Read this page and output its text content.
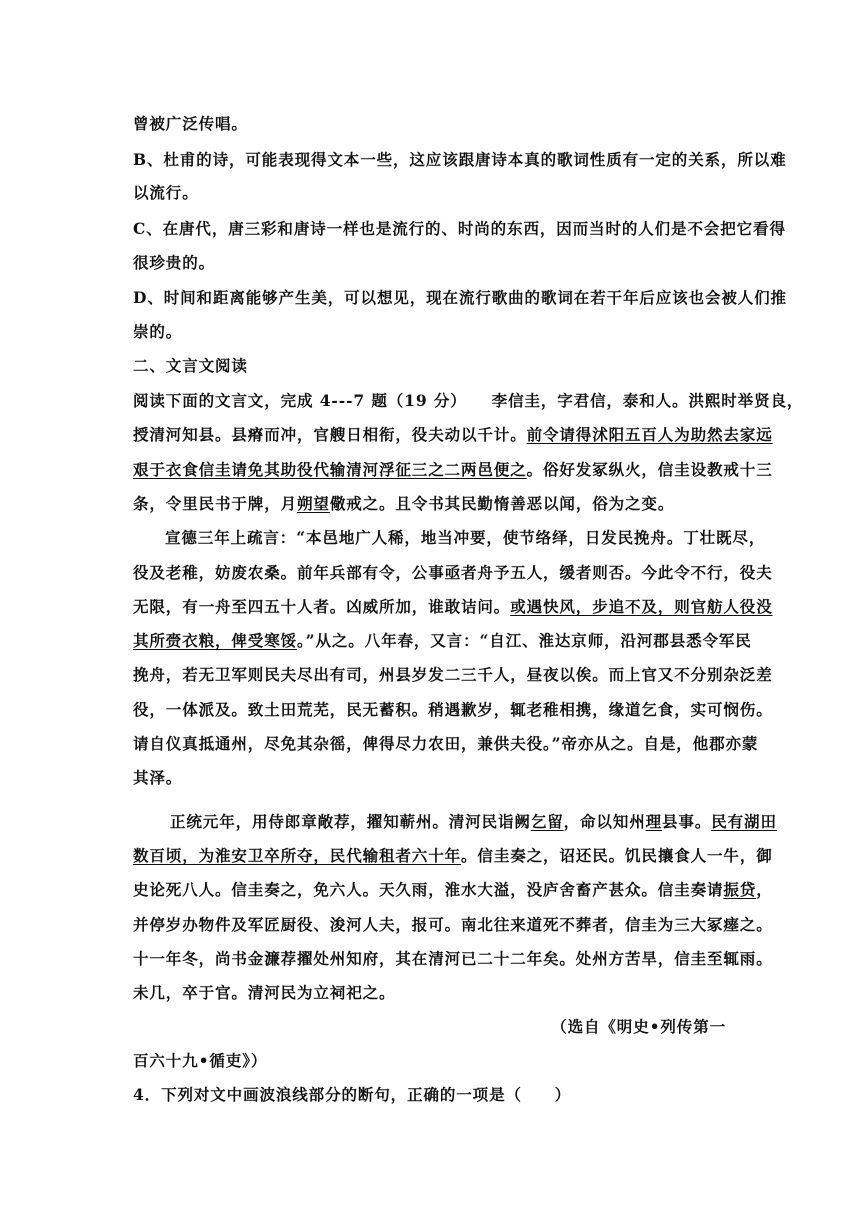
曾被广泛传唱。
B、杜甫的诗，可能表现得文本一些，这应该跟唐诗本真的歌词性质有一定的关系，所以难
以流行。
C、在唐代，唐三彩和唐诗一样也是流行的、时尚的东西，因而当时的人们是不会把它看得
很珍贵的。
D、时间和距离能够产生美，可以想见，现在流行歌曲的歌词在若干年后应该也会被人们推
崇的。
二、文言文阅读
阅读下面的文言文，完成 4---7 题（19 分）　　李信圭，字君信，泰和人。洪熙时举贤良，
授清河知县。县瘠而冲，官艘日相衔，役夫动以千计。前令请得沭阳五百人为助然去家远
艰于衣食信圭请免其助役代输清河浮征三之二两邑便之。俗好发冢纵火，信圭设教戒十三
条，令里民书于牌，月朔望儆戒之。且令书其民勤惰善恶以闻，俗为之变。
宣德三年上疏言：“本邑地广人稀，地当冲要，使节络绎，日发民挽舟。丁壮既尽，
役及老稚，妨废农桑。前年兵部有令，公事亟者舟予五人，缓者则否。今此令不行，役夫
无限，有一舟至四五十人者。凶威所加，谁敢诘问。或遇快风，步追不及，则官舫人役没
其所赍衣粮，俾受寒馁。”从之。八年春，又言：“自江、淮达京师，沿河郡县悉令军民
挽舟，若无卫军则民夫尽出有司，州县岁发二三千人，昼夜以俟。而上官又不分别杂泛差
役，一体派及。致土田荒芜，民无蓄积。稍遇歉岁，辄老稚相携，缘道乞食，实可悯伤。
请自仪真抵通州，尽免其杂徭，俾得尽力农田，兼供夫役。”帝亦从之。自是，他郡亦蒙
其泽。
正统元年，用侍郎章敞荐，擢知蕲州。清河民诣阙乞留，命以知州理县事。民有湖田
数百顷，为淮安卫卒所夺，民代输租者六十年。信圭奏之，诏还民。饥民攘食人一牛，御
史论死八人。信圭奏之，免六人。天久雨，淮水大溢，没庐舍畜产甚众。信圭奏请振贷，
并停岁办物件及军匠厨役、浚河人夫，报可。南北往来道死不葬者，信圭为三大冢瘗之。
十一年冬，尚书金濂荐擢处州知府，其在清河已二十二年矣。处州方苦旱，信圭至辄雨。
未几，卒于官。清河民为立祠祀之。
（选自《明史•列传第一
百六十九•循吏》）
4．下列对文中画波浪线部分的断句，正确的一项是（　　）
